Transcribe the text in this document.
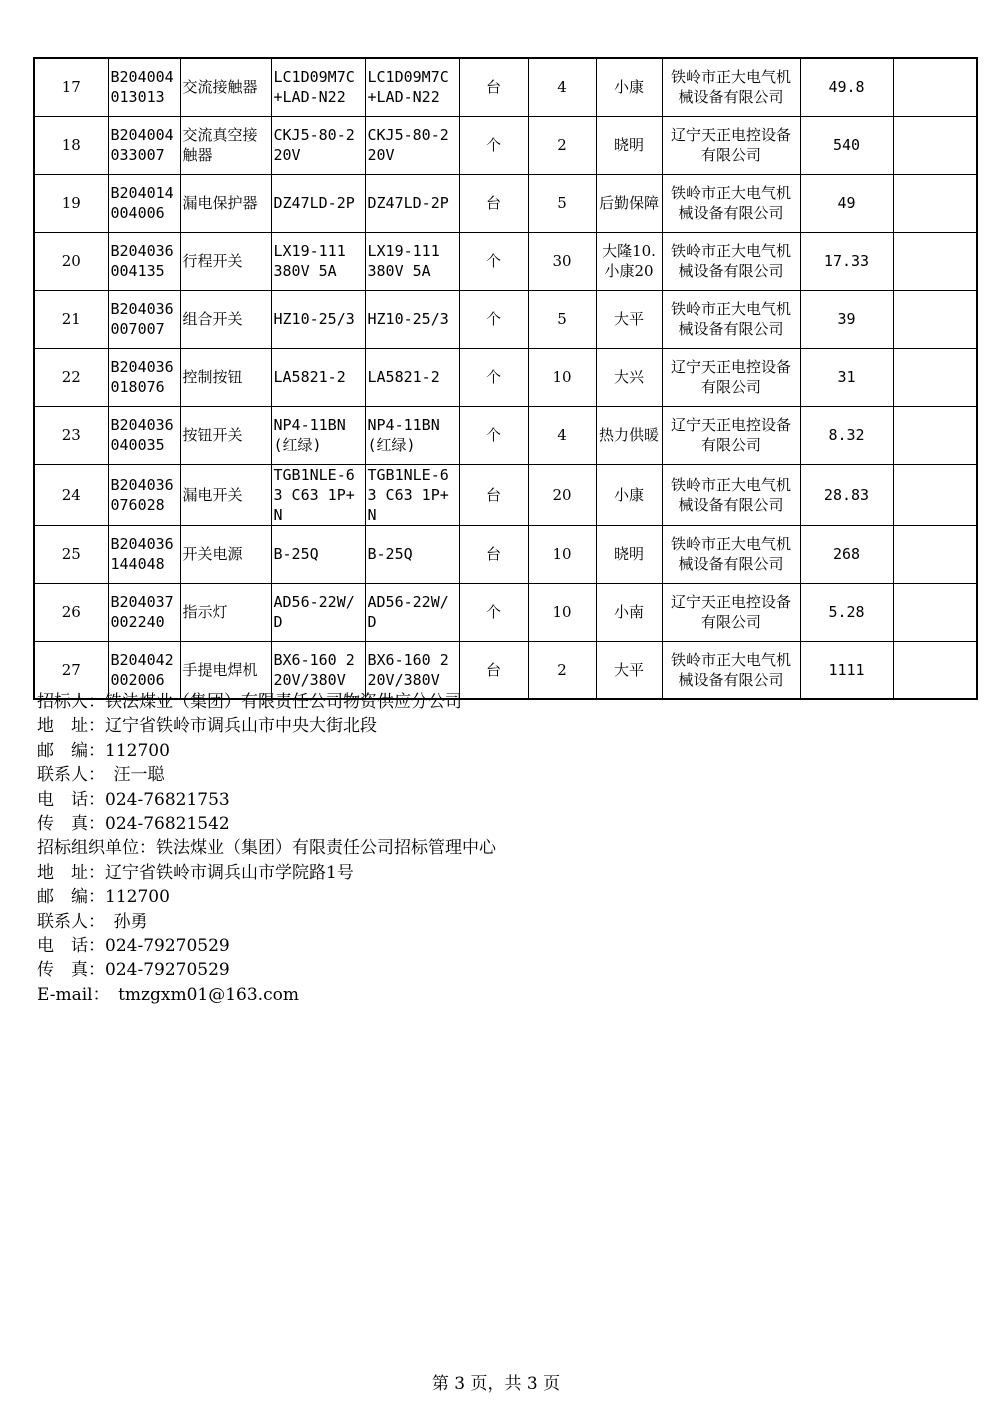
17	B204004013013	交流接触器	LC1D09M7C+LAD-N22	LC1D09M7C+LAD-N22	台	4	小康	铁岭市正大电气机械设备有限公司	49.8	
18	B204004033007	交流真空接触器	CKJ5-80-220V	CKJ5-80-220V	个	2	晓明	辽宁天正电控设备有限公司	540	
19	B204014004006	漏电保护器	DZ47LD-2P	DZ47LD-2P	台	5	后勤保障	铁岭市正大电气机械设备有限公司	49	
20	B204036004135	行程开关	LX19-111 380V 5A	LX19-111 380V 5A	个	30	大隆10.小康20	铁岭市正大电气机械设备有限公司	17.33	
21	B204036007007	组合开关	HZ10-25/3	HZ10-25/3	个	5	大平	铁岭市正大电气机械设备有限公司	39	
22	B204036018076	控制按钮	LA5821-2	LA5821-2	个	10	大兴	辽宁天正电控设备有限公司	31	
23	B204036040035	按钮开关	NP4-11BN(红绿)	NP4-11BN(红绿)	个	4	热力供暖	辽宁天正电控设备有限公司	8.32	
24	B204036076028	漏电开关	TGB1NLE-63 C63 1P+N	TGB1NLE-63 C63 1P+N	台	20	小康	铁岭市正大电气机械设备有限公司	28.83	
25	B204036144048	开关电源	B-25Q	B-25Q	台	10	晓明	铁岭市正大电气机械设备有限公司	268	
26	B204037002240	指示灯	AD56-22W/D	AD56-22W/D	个	10	小南	辽宁天正电控设备有限公司	5.28	
27	B204042002006	手提电焊机	BX6-160 220V/380V	BX6-160 220V/380V	台	2	大平	铁岭市正大电气机械设备有限公司	1111	
招标人：铁法煤业（集团）有限责任公司物资供应分公司
地　址：辽宁省铁岭市调兵山市中央大街北段
邮　编：112700
联系人：　汪一聪
电　话：024-76821753
传　真：024-76821542
招标组织单位：铁法煤业（集团）有限责任公司招标管理中心
地　址：辽宁省铁岭市调兵山市学院路1号
邮　编：112700
联系人：　孙勇
电　话：024-79270529
传　真：024-79270529
E-mail：　tmzgxm01@163.com
第 3 页，共 3 页
